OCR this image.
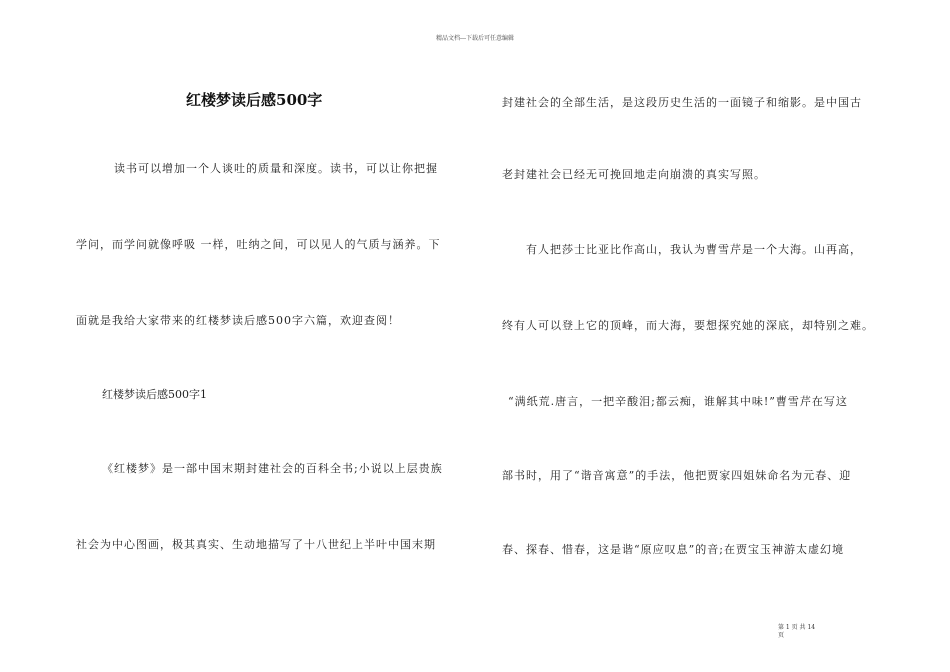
精品文档---下载后可任意编辑
红楼梦读后感500字
读书可以增加一个人谈吐的质量和深度。读书，可以让你把握
学问，而学问就像呼吸 一样，吐纳之间，可以见人的气质与涵养。下
面就是我给大家带来的红楼梦读后感500字六篇，欢迎查阅！
红楼梦读后感500字1
《红楼梦》是一部中国末期封建社会的百科全书;小说以上层贵族
社会为中心图画，极其真实、生动地描写了十八世纪上半叶中国末期
封建社会的全部生活，是这段历史生活的一面镜子和缩影。是中国古
老封建社会已经无可挽回地走向崩溃的真实写照。
有人把莎士比亚比作高山，我认为曹雪芹是一个大海。山再高，
终有人可以登上它的顶峰，而大海，要想探究她的深底，却特别之难。
“满纸荒.唐言，一把辛酸泪;都云痴，谁解其中味!”曹雪芹在写这
部书时，用了“谐音寓意”的手法，他把贾家四姐妹命名为元春、迎
春、探春、惜春，这是谐“原应叹息”的音;在贾宝玉神游太虚幻境
第 1 页 共 14
页
